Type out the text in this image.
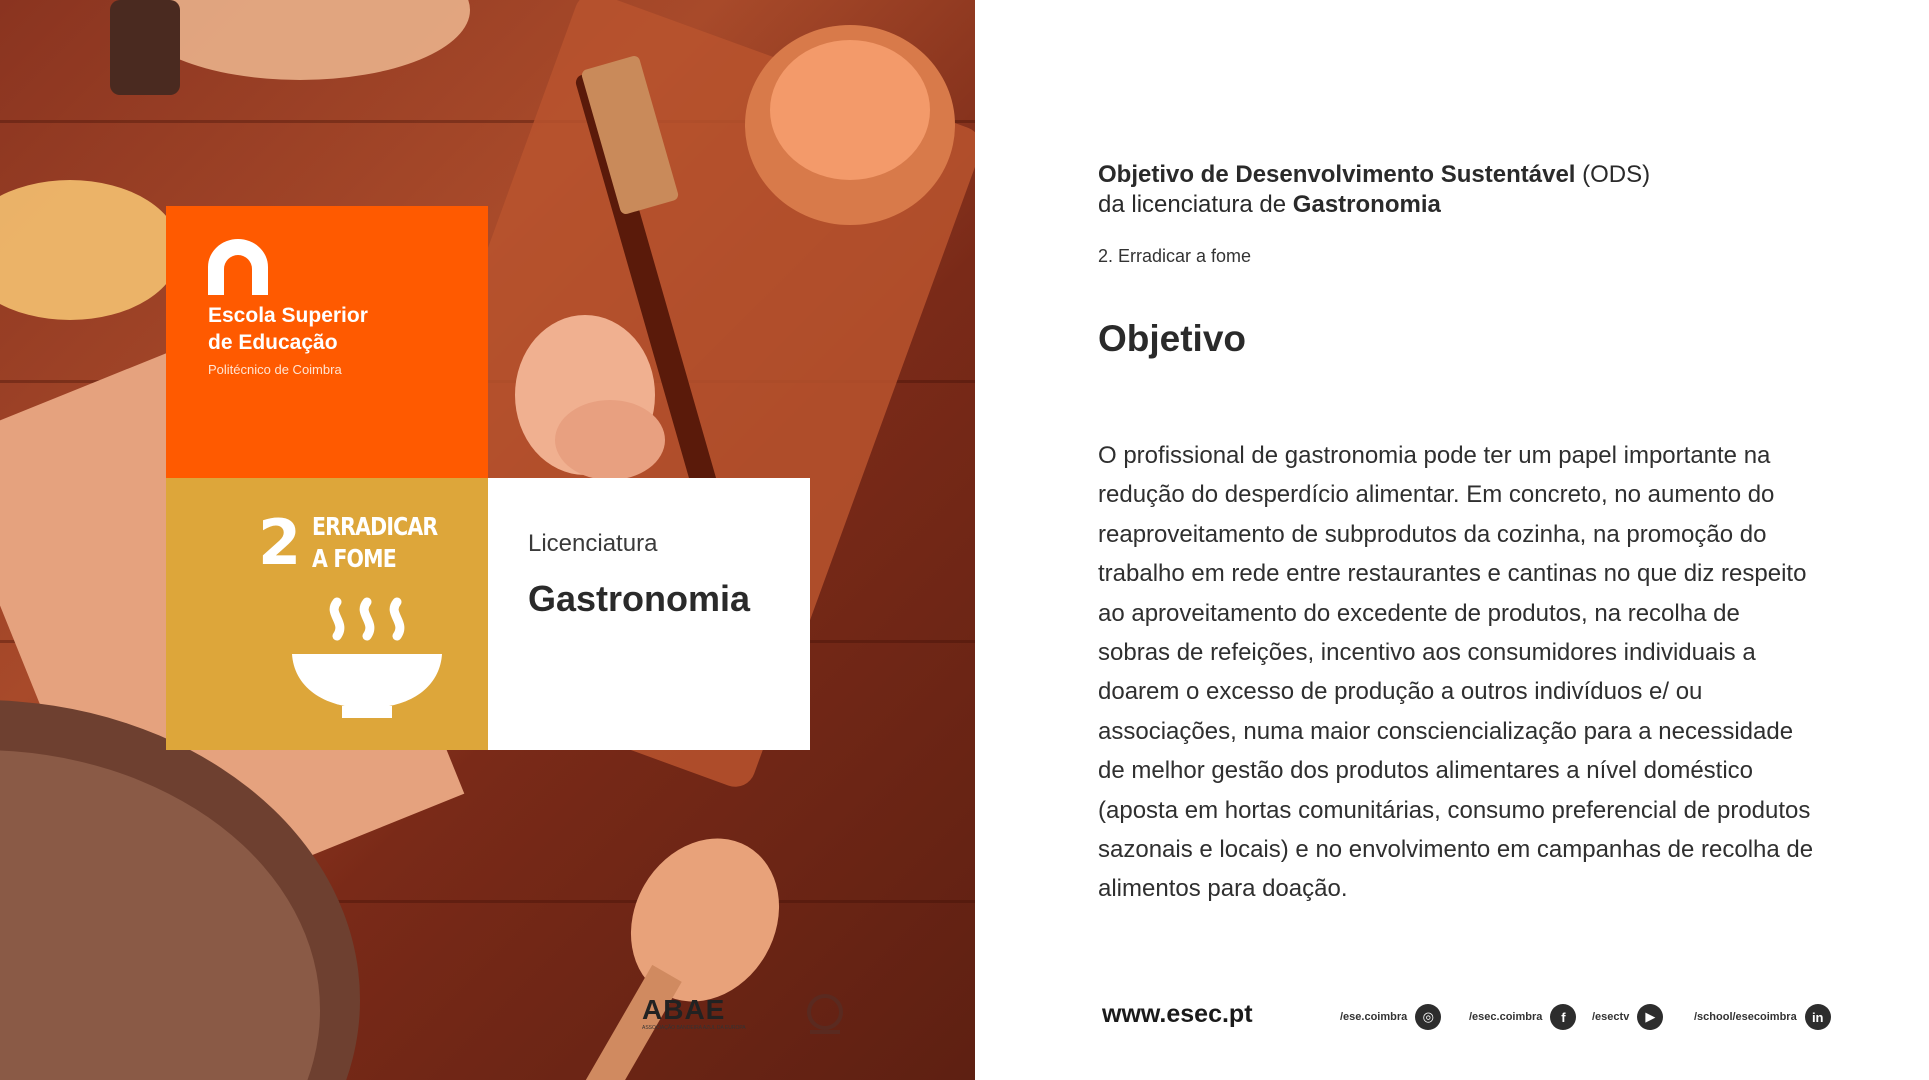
Escola Superior
de Educação
Politécnico de Coimbra
2 ERRADICAR
A FOME
Licenciatura
Gastronomia
ABAE
ASSOCIAÇÃO BANDEIRA AZUL DA EUROPA
Objetivo de Desenvolvimento Sustentável (ODS)
da licenciatura de Gastronomia
2. Erradicar a fome
Objetivo
O profissional de gastronomia pode ter um papel importante na redução do desperdício alimentar. Em concreto, no aumento do reaproveitamento de subprodutos da cozinha, na promoção do trabalho em rede entre restaurantes e cantinas no que diz respeito ao aproveitamento do excedente de produtos, na recolha de sobras de refeições, incentivo aos consumidores individuais a doarem o excesso de produção a outros indivíduos e/ ou associações, numa maior consciencialização para a necessidade de melhor gestão dos produtos alimentares a nível doméstico (aposta em hortas comunitárias, consumo preferencial de produtos sazonais e locais) e no envolvimento em campanhas de recolha de alimentos para doação.
www.esec.pt	/ese.coimbra	◎	/esec.coimbra	f	/esectv	▶	/school/esecoimbra	in
